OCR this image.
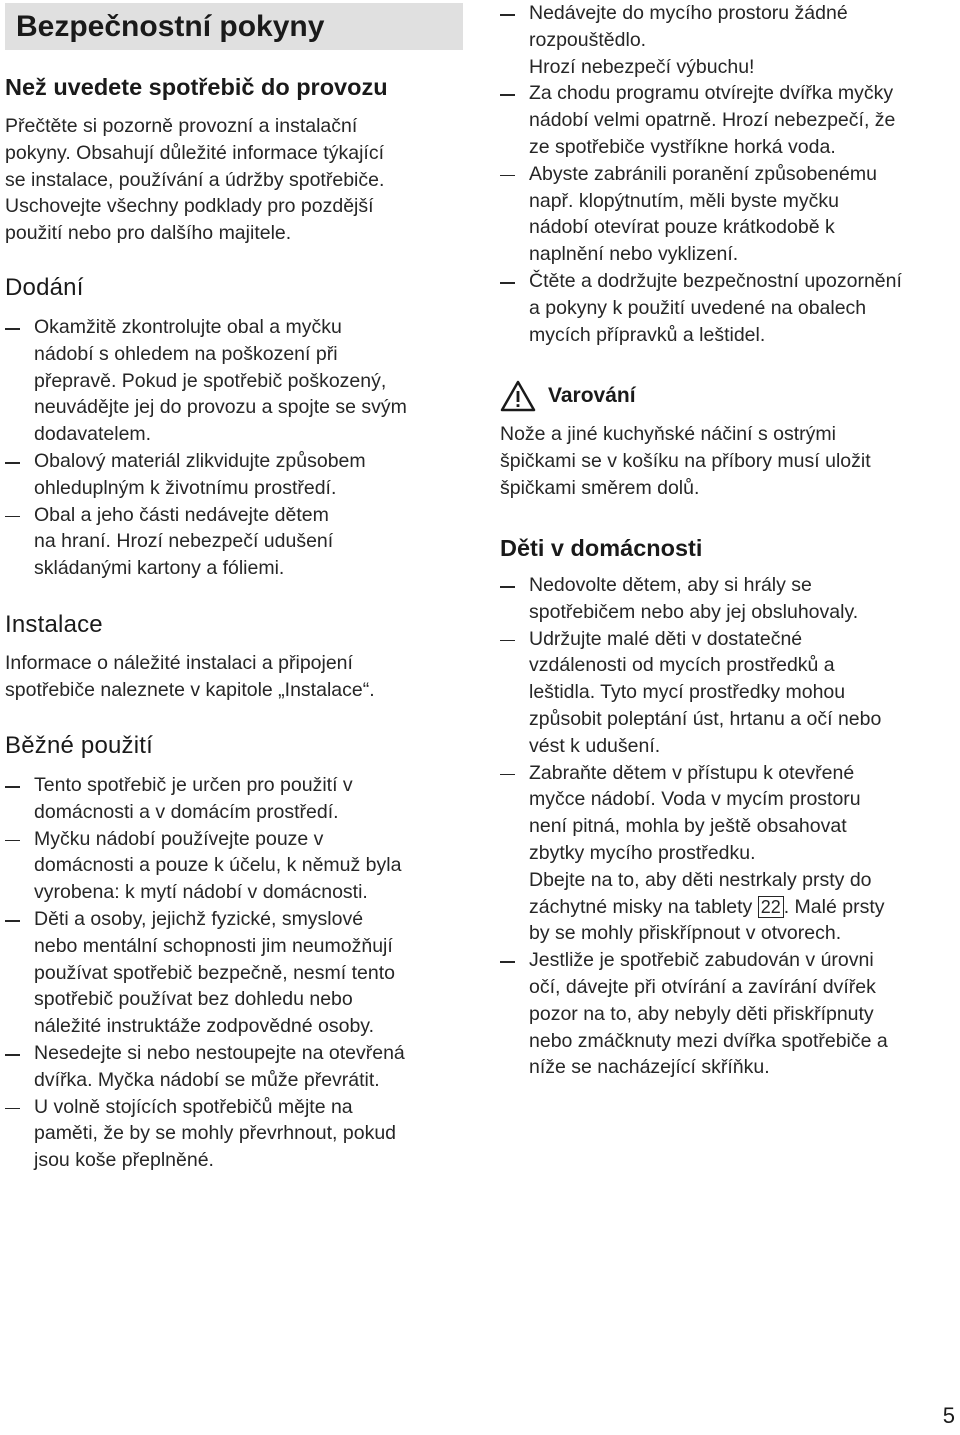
Bezpečnostní pokyny
Než uvedete spotřebič do provozu

Přečtěte si pozorně provozní a instalační

pokyny. Obsahují důležité informace týkající

se instalace, používání a údržby spotřebiče.

Uschovejte všechny podklady pro pozdější

použití nebo pro dalšího majitele.

Dodání
Okamžitě zkontrolujte obal a myčku
nádobí s ohledem na poškození při
přepravě. Pokud je spotřebič poškozený,
neuvádějte jej do provozu a spojte se svým
dodavatelem.
Obalový materiál zlikvidujte způsobem
ohleduplným k životnímu prostředí.
Obal a jeho části nedávejte dětem
na hraní. Hrozí nebezpečí udušení
skládanými kartony a fóliemi.
Instalace

Informace o náležité instalaci a připojení

spotřebiče naleznete v kapitole „Instalace“.

Běžné použití
Tento spotřebič je určen pro použití v
domácnosti a v domácím prostředí.
Myčku nádobí používejte pouze v
domácnosti a pouze k účelu, k němuž byla
vyrobena: k mytí nádobí v domácnosti.
Děti a osoby, jejichž fyzické, smyslové
nebo mentální schopnosti jim neumožňují
používat spotřebič bezpečně, nesmí tento
spotřebič používat bez dohledu nebo
náležité instruktáže zodpovědné osoby.
Nesedejte si nebo nestoupejte na otevřená
dvířka. Myčka nádobí se může převrátit.
U volně stojících spotřebičů mějte na
paměti, že by se mohly převrhnout, pokud
jsou koše přeplněné.
Nedávejte do mycího prostoru žádné
rozpouštědlo.
Hrozí nebezpečí výbuchu!
Za chodu programu otvírejte dvířka myčky
nádobí velmi opatrně. Hrozí nebezpečí, že
ze spotřebiče vystříkne horká voda.
Abyste zabránili poranění způsobenému
např. klopýtnutím, měli byste myčku
nádobí otevírat pouze krátkodobě k
naplnění nebo vyklizení.
Čtěte a dodržujte bezpečnostní upozornění
a pokyny k použití uvedené na obalech
mycích přípravků a leštidel.
Varování

Nože a jiné kuchyňské náčiní s ostrými

špičkami se v košíku na příbory musí uložit

špičkami směrem dolů.

Děti v domácnosti
Nedovolte dětem, aby si hrály se
spotřebičem nebo aby jej obsluhovaly.
Udržujte malé děti v dostatečné
vzdálenosti od mycích prostředků a
leštidla. Tyto mycí prostředky mohou
způsobit poleptání úst, hrtanu a očí nebo
vést k udušení.
Zabraňte dětem v přístupu k otevřené
myčce nádobí. Voda v mycím prostoru
není pitná, mohla by ještě obsahovat
zbytky mycího prostředku.
Dbejte na to, aby děti nestrkaly prsty do
záchytné misky na tablety 22 . Malé prsty
by se mohly přiskřípnout v otvorech.
Jestliže je spotřebič zabudován v úrovni
očí, dávejte při otvírání a zavírání dvířek
pozor na to, aby nebyly děti přiskřípnuty
nebo zmáčknuty mezi dvířka spotřebiče a
níže se nacházející skříňku.
5
